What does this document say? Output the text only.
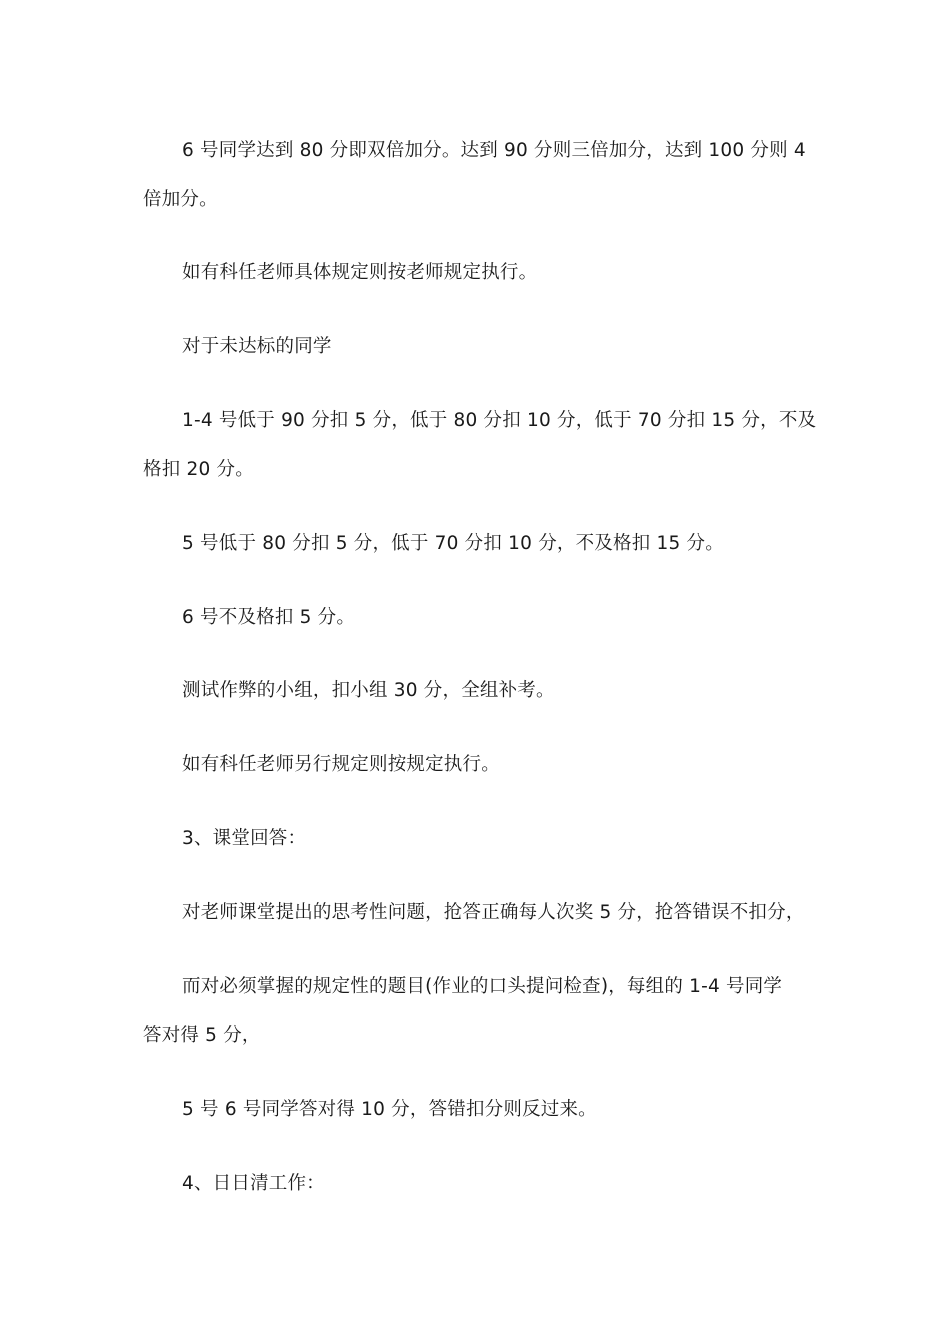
6 号同学达到 80 分即双倍加分。达到 90 分则三倍加分，达到 100 分则 4
倍加分。

如有科任老师具体规定则按老师规定执行。

对于未达标的同学

1-4 号低于 90 分扣 5 分，低于 80 分扣 10 分，低于 70 分扣 15 分，不及
格扣 20 分。

5 号低于 80 分扣 5 分，低于 70 分扣 10 分，不及格扣 15 分。

6 号不及格扣 5 分。

测试作弊的小组，扣小组 30 分，全组补考。

如有科任老师另行规定则按规定执行。

3、课堂回答：

对老师课堂提出的思考性问题，抢答正确每人次奖 5 分，抢答错误不扣分，

而对必须掌握的规定性的题目(作业的口头提问检查)，每组的 1-4 号同学
答对得 5 分，

5 号 6 号同学答对得 10 分，答错扣分则反过来。

4、日日清工作：
